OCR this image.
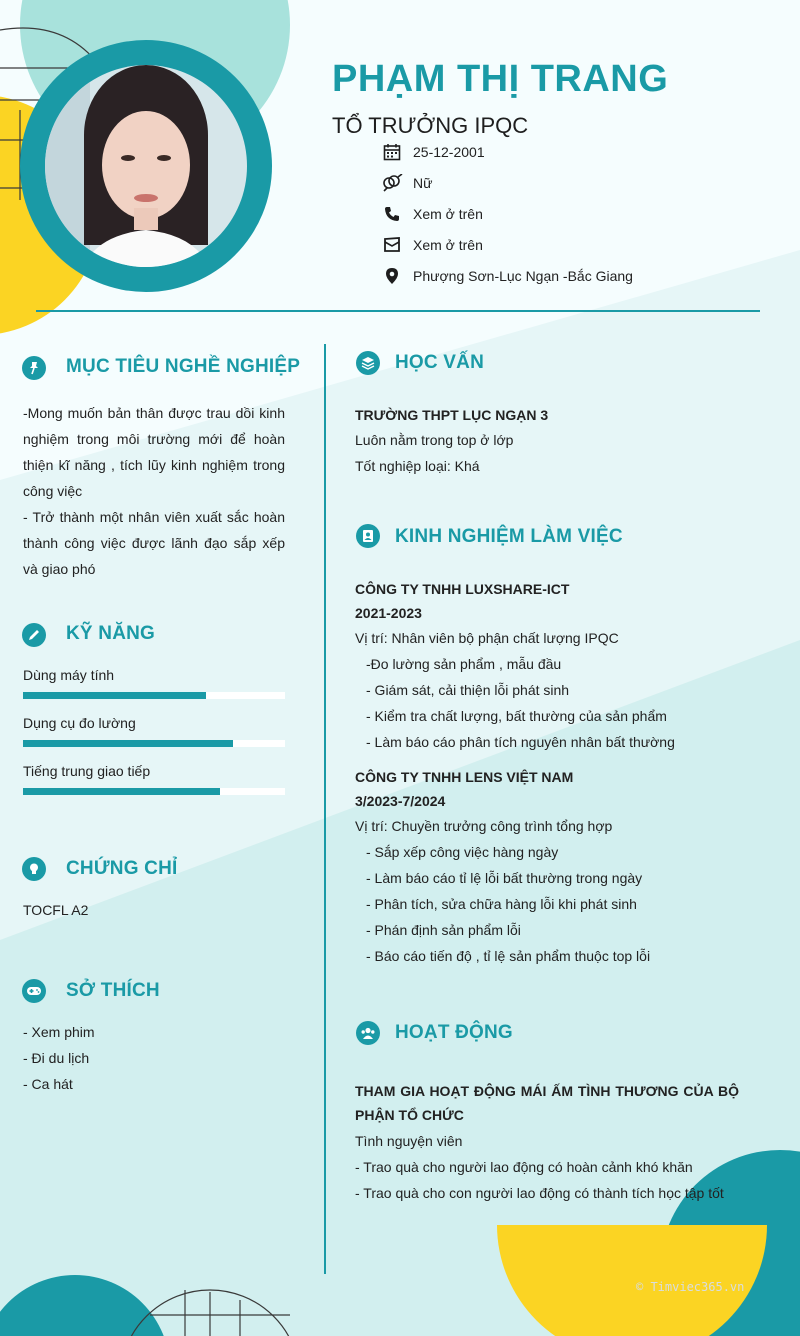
PHẠM THỊ TRANG
TỔ TRƯỞNG IPQC
25-12-2001
Nữ
Xem ở trên
Xem ở trên
Phượng Sơn-Lục Ngạn -Bắc Giang
MỤC TIÊU NGHỀ NGHIỆP
-Mong muốn bản thân được trau dồi kinh nghiệm trong môi trường mới để hoàn thiện kĩ năng , tích lũy kinh nghiệm trong công việc
- Trở thành một nhân viên xuất sắc hoàn thành công việc được lãnh đạo sắp xếp và giao phó
KỸ NĂNG
Dùng máy tính
Dụng cụ đo lường
Tiếng trung giao tiếp
CHỨNG CHỈ
TOCFL A2
SỞ THÍCH
- Xem phim
- Đi du lịch
- Ca hát
HỌC VẤN
TRƯỜNG THPT LỤC NGẠN 3
Luôn nằm trong top ở lớp
Tốt nghiệp loại: Khá
KINH NGHIỆM LÀM VIỆC
CÔNG TY TNHH LUXSHARE-ICT
2021-2023
Vị trí: Nhân viên bộ phận chất lượng IPQC
-Đo lường sản phẩm , mẫu đầu
- Giám sát, cải thiện lỗi phát sinh
- Kiểm tra chất lượng, bất thường của sản phẩm
- Làm báo cáo phân tích nguyên nhân bất thường
CÔNG TY TNHH LENS VIỆT NAM
3/2023-7/2024
Vị trí: Chuyền trưởng công trình tổng hợp
- Sắp xếp công việc hàng ngày
- Làm báo cáo tỉ lệ lỗi bất thường trong ngày
- Phân tích, sửa chữa hàng lỗi khi phát sinh
- Phán định sản phẩm lỗi
- Báo cáo tiến độ , tỉ lệ sản phẩm thuộc top lỗi
HOẠT ĐỘNG
THAM GIA HOẠT ĐỘNG MÁI ẤM TÌNH THƯƠNG CỦA BỘ PHẬN TỔ CHỨC
Tình nguyện viên
- Trao quà cho người lao động có hoàn cảnh khó khăn
- Trao quà cho con người lao động có thành tích học tập tốt
© Timviec365.vn
